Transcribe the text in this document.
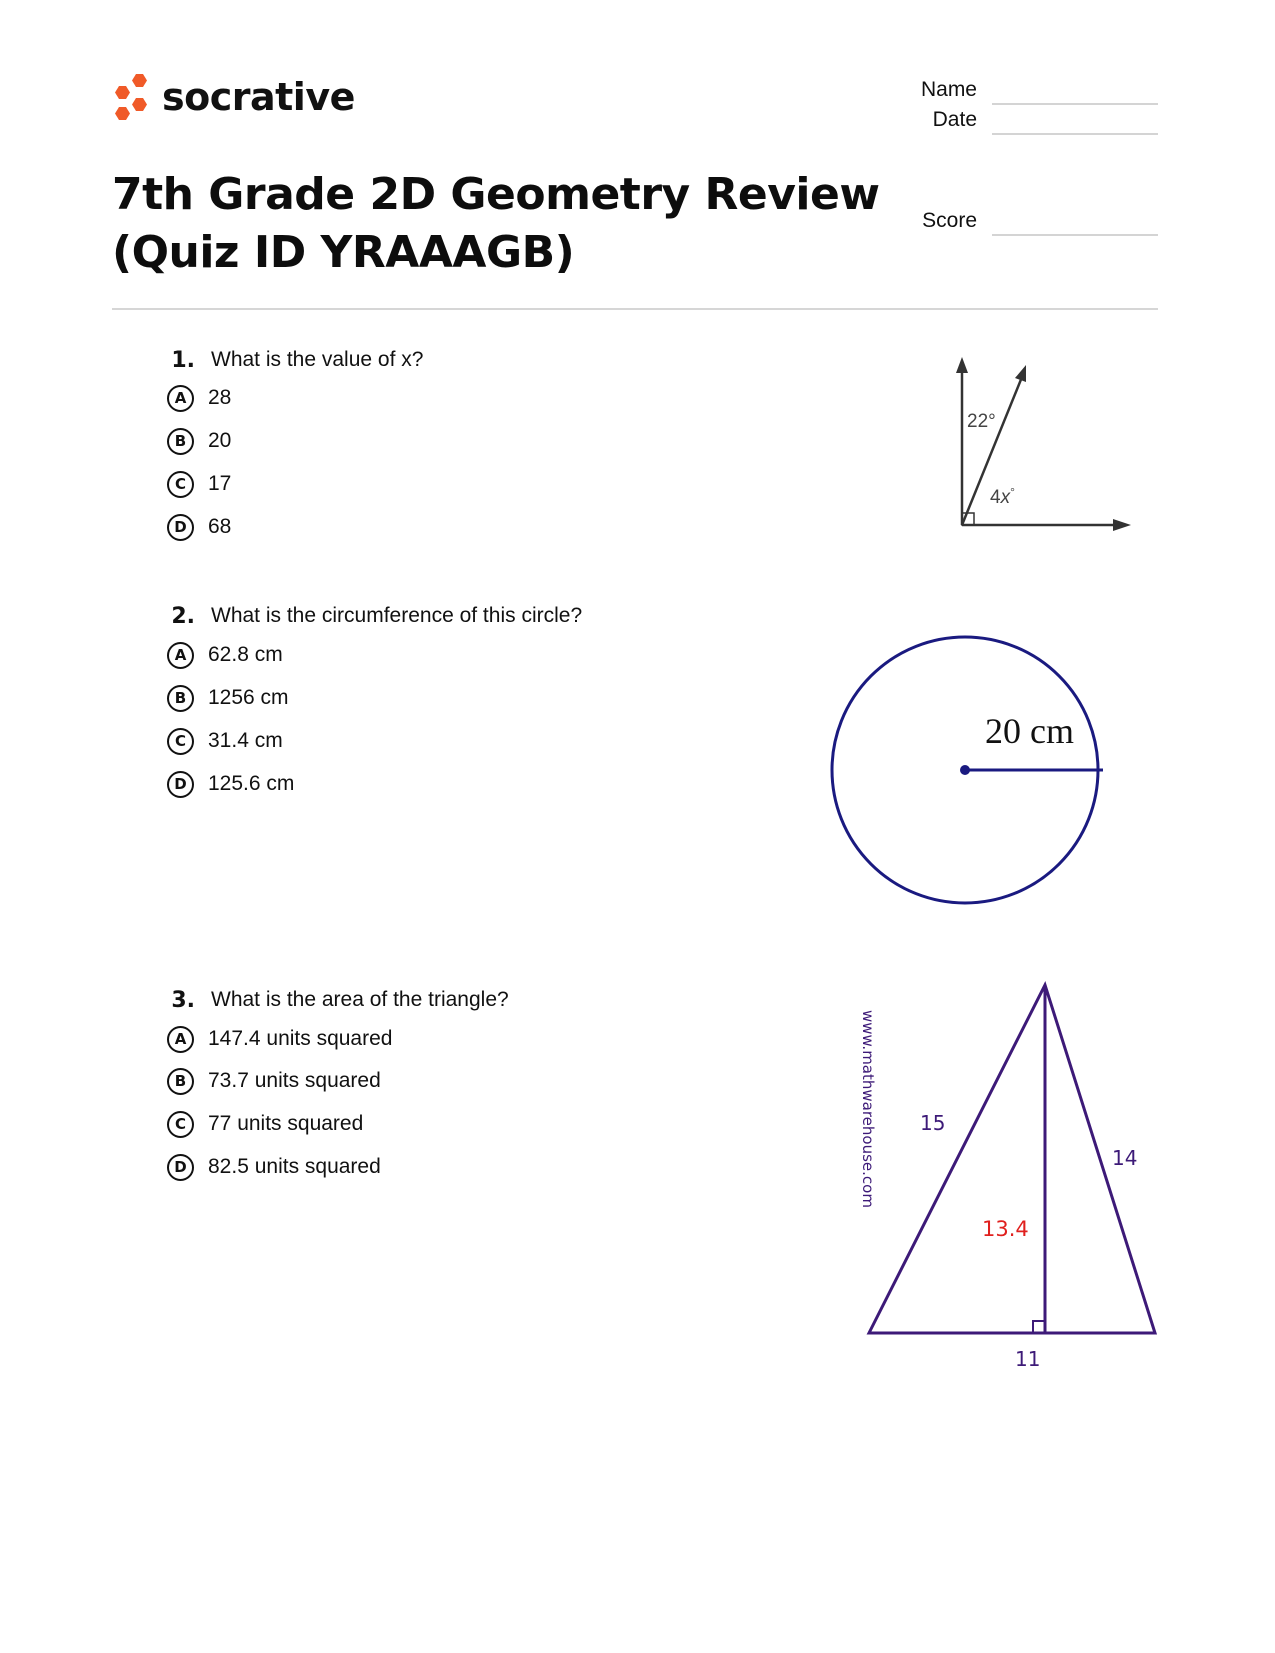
socrative
7th Grade 2D Geometry Review
(Quiz ID YRAAAGB)
Name
Date
Score
1. What is the value of x?
A	28
B	20
C	17
D	68
22°
4x°
2. What is the circumference of this circle?
A	62.8 cm
B	1256 cm
C	31.4 cm
D	125.6 cm
20 cm
3. What is the area of the triangle?
A	147.4 units squared
B	73.7 units squared
C	77 units squared
D	82.5 units squared	www.mathwarehouse.com 15
14
13.4
11
